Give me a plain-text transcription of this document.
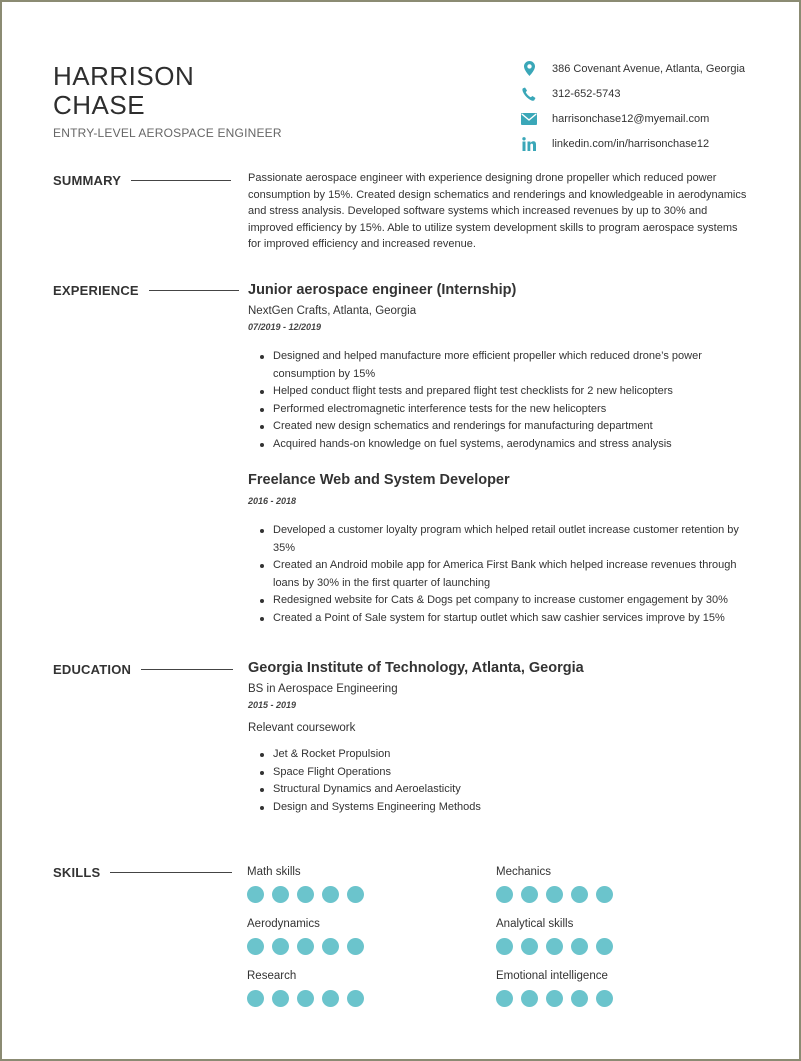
HARRISON
CHASE
ENTRY-LEVEL AEROSPACE ENGINEER
386 Covenant Avenue, Atlanta, Georgia
312-652-5743
harrisonchase12@myemail.com
linkedin.com/in/harrisonchase12
SUMMARY	Passionate aerospace engineer with experience designing drone propeller which reduced power consumption by 15%. Created design schematics and renderings and knowledgeable in aerodynamics and stress analysis. Developed software systems which increased revenues by up to 30% and improved efficiency by 15%. Able to utilize system development skills to program aerospace systems for improved efficiency and increased revenue.
EXPERIENCE	Junior aerospace engineer (Internship)
NextGen Crafts, Atlanta, Georgia
07/2019 - 12/2019
Designed and helped manufacture more efficient propeller which reduced drone’s power consumption by 15%
Helped conduct flight tests and prepared flight test checklists for 2 new helicopters
Performed electromagnetic interference tests for the new helicopters
Created new design schematics and renderings for manufacturing department
Acquired hands-on knowledge on fuel systems, aerodynamics and stress analysis
Freelance Web and System Developer
2016 - 2018
Developed a customer loyalty program which helped retail outlet increase customer retention by 35%
Created an Android mobile app for America First Bank which helped increase revenues through loans by 30% in the first quarter of launching
Redesigned website for Cats & Dogs pet company to increase customer engagement by 30%
Created a Point of Sale system for startup outlet which saw cashier services improve by 15%
EDUCATION	Georgia Institute of Technology, Atlanta, Georgia
BS in Aerospace Engineering
2015 - 2019
Relevant coursework
Jet & Rocket Propulsion
Space Flight Operations
Structural Dynamics and Aeroelasticity
Design and Systems Engineering Methods
SKILLS	Math skills	Mechanics
Aerodynamics	Analytical skills
Research	Emotional intelligence
